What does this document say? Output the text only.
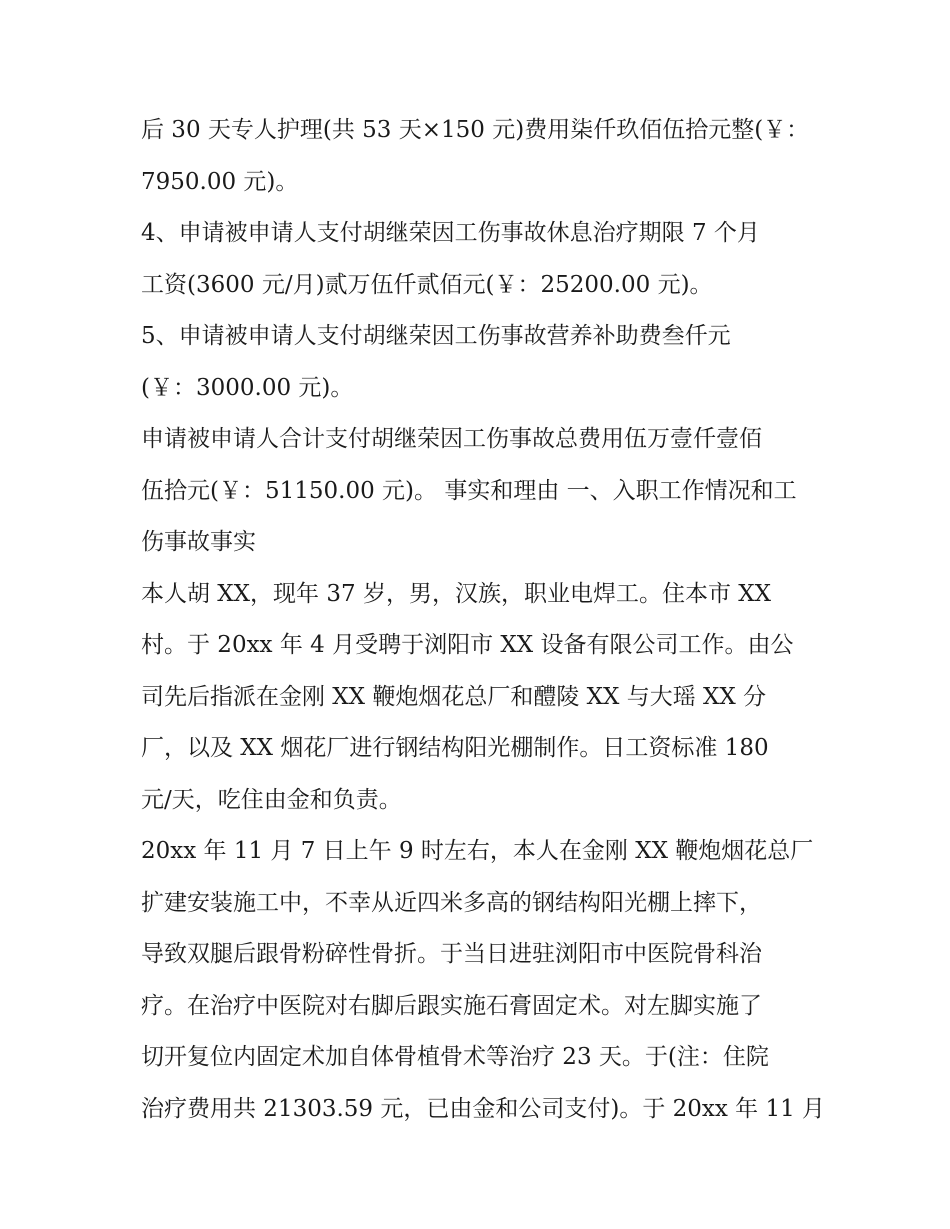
后 30 天专人护理(共 53 天×150 元)费用柒仟玖佰伍拾元整(￥：
7950.00 元)。
4、申请被申请人支付胡继荣因工伤事故休息治疗期限 7 个月
工资(3600 元/月)贰万伍仟贰佰元(￥：25200.00 元)。
5、申请被申请人支付胡继荣因工伤事故营养补助费叁仟元
(￥：3000.00 元)。
申请被申请人合计支付胡继荣因工伤事故总费用伍万壹仟壹佰
伍拾元(￥：51150.00 元)。 事实和理由 一、入职工作情况和工
伤事故事实
本人胡 XX，现年 37 岁，男，汉族，职业电焊工。住本市 XX
村。于 20xx 年 4 月受聘于浏阳市 XX 设备有限公司工作。由公
司先后指派在金刚 XX 鞭炮烟花总厂和醴陵 XX 与大瑶 XX 分
厂，以及 XX 烟花厂进行钢结构阳光棚制作。日工资标准 180
元/天，吃住由金和负责。
20xx 年 11 月 7 日上午 9 时左右，本人在金刚 XX 鞭炮烟花总厂
扩建安装施工中，不幸从近四米多高的钢结构阳光棚上摔下，
导致双腿后跟骨粉碎性骨折。于当日进驻浏阳市中医院骨科治
疗。在治疗中医院对右脚后跟实施石膏固定术。对左脚实施了
切开复位内固定术加自体骨植骨术等治疗 23 天。于(注：住院
治疗费用共 21303.59 元，已由金和公司支付)。于 20xx 年 11 月
